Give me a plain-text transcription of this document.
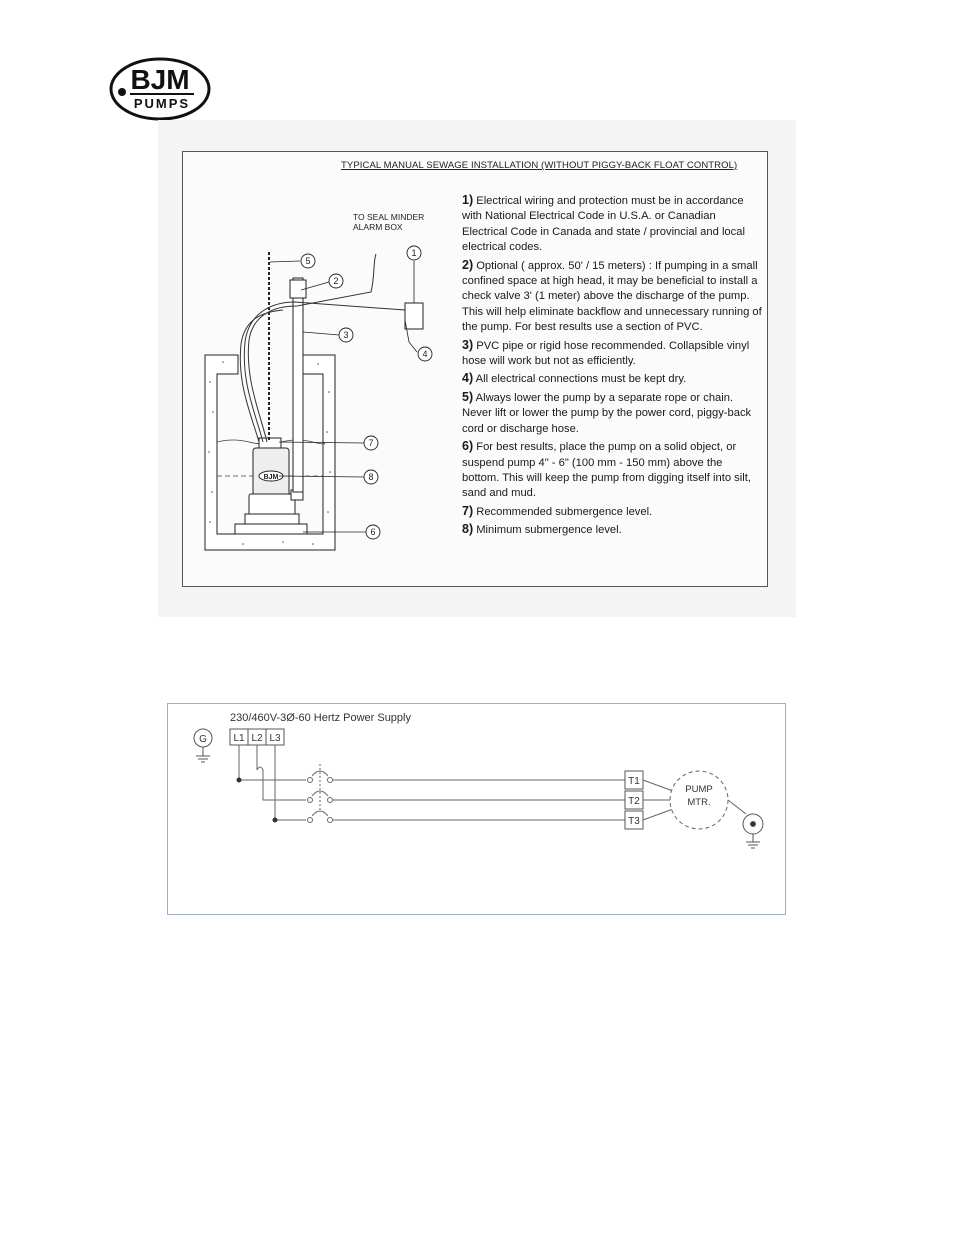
BJM
PUMPS
TYPICAL MANUAL SEWAGE INSTALLATION (WITHOUT PIGGY-BACK FLOAT CONTROL)
BJM
1
2
3
4
5
6
7
8
TO SEAL MINDER
ALARM BOX
1) Electrical wiring and protection must be in accordance with National Electrical Code in U.S.A. or Canadian Electrical Code in Canada and state / provincial and local electrical codes.
2) Optional ( approx. 50' / 15 meters) : If pumping in a small confined space at high head, it may be beneficial to install a check valve 3' (1 meter) above the discharge of the pump. This will help eliminate backflow and unnecessary running of the pump. For best results use a section of PVC.
3) PVC pipe or rigid hose recommended. Collapsible vinyl hose will work but not as efficiently.
4) All electrical connections must be kept dry.
5) Always lower the pump by a separate rope or chain. Never lift or lower the pump by the power cord, piggy-back cord or discharge hose.
6) For best results, place the pump on a solid object, or suspend pump 4" - 6" (100 mm - 150 mm) above the bottom. This will keep the pump from digging itself into silt, sand and mud.
7) Recommended submergence level.
8) Minimum submergence level.
230/460V-3Ø-60 Hertz Power Supply
G	L1 L2 L3
T1
T2
T3
PUMP
MTR.
